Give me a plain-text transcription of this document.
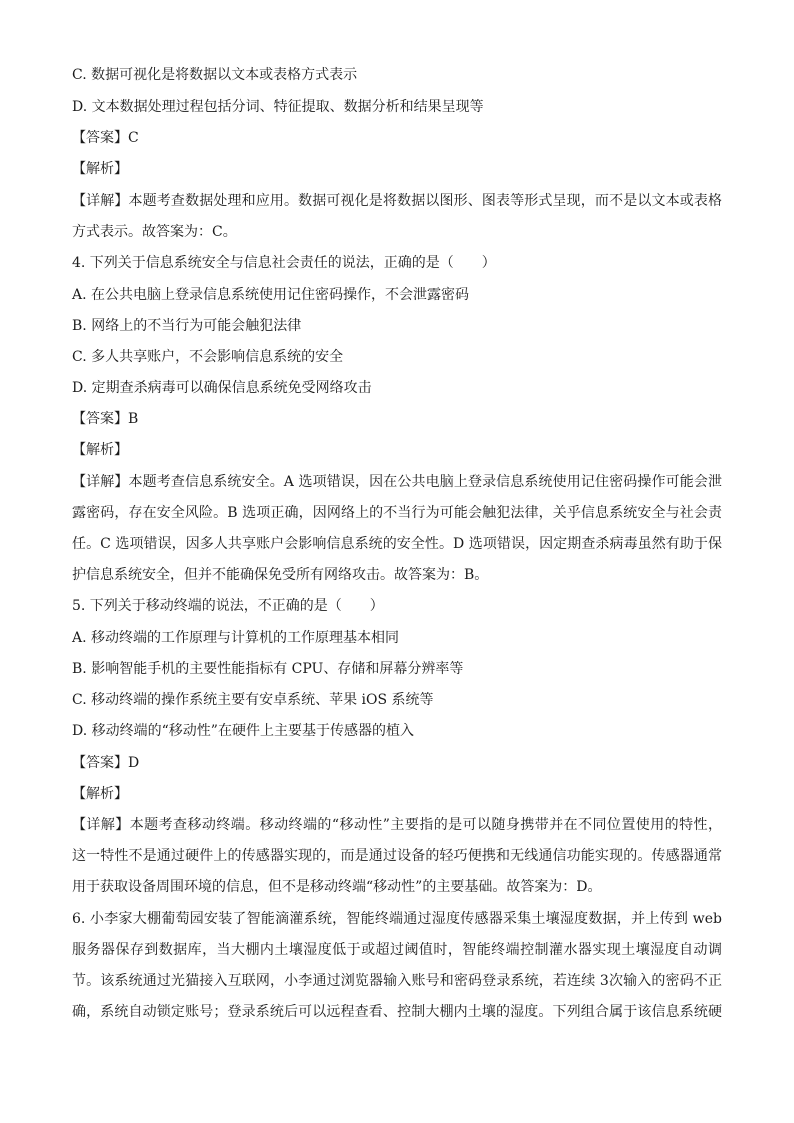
C. 数据可视化是将数据以文本或表格方式表示
D. 文本数据处理过程包括分词、特征提取、数据分析和结果呈现等
【答案】C
【解析】
【详解】本题考查数据处理和应用。数据可视化是将数据以图形、图表等形式呈现，而不是以文本或表格
方式表示。故答案为：C。
4. 下列关于信息系统安全与信息社会责任的说法，正确的是（　　）
A. 在公共电脑上登录信息系统使用记住密码操作，不会泄露密码
B. 网络上的不当行为可能会触犯法律
C. 多人共享账户，不会影响信息系统的安全
D. 定期查杀病毒可以确保信息系统免受网络攻击
【答案】B
【解析】
【详解】本题考查信息系统安全。A 选项错误，因在公共电脑上登录信息系统使用记住密码操作可能会泄
露密码，存在安全风险。B 选项正确，因网络上的不当行为可能会触犯法律，关乎信息系统安全与社会责
任。C 选项错误，因多人共享账户会影响信息系统的安全性。D 选项错误，因定期查杀病毒虽然有助于保
护信息系统安全，但并不能确保免受所有网络攻击。故答案为：B。
5. 下列关于移动终端的说法，不正确的是（　　）
A. 移动终端的工作原理与计算机的工作原理基本相同
B. 影响智能手机的主要性能指标有 CPU、存储和屏幕分辨率等
C. 移动终端的操作系统主要有安卓系统、苹果 iOS 系统等
D. 移动终端的“移动性”在硬件上主要基于传感器的植入
【答案】D
【解析】
【详解】本题考查移动终端。移动终端的“移动性”主要指的是可以随身携带并在不同位置使用的特性，
这一特性不是通过硬件上的传感器实现的，而是通过设备的轻巧便携和无线通信功能实现的。传感器通常
用于获取设备周围环境的信息，但不是移动终端“移动性”的主要基础。故答案为：D。
6. 小李家大棚葡萄园安装了智能滴灌系统，智能终端通过湿度传感器采集土壤湿度数据，并上传到 web
服务器保存到数据库，当大棚内土壤湿度低于或超过阈值时，智能终端控制灌水器实现土壤湿度自动调
节。该系统通过光猫接入互联网，小李通过浏览器输入账号和密码登录系统，若连续 3次输入的密码不正
确，系统自动锁定账号；登录系统后可以远程查看、控制大棚内土壤的湿度。下列组合属于该信息系统硬
